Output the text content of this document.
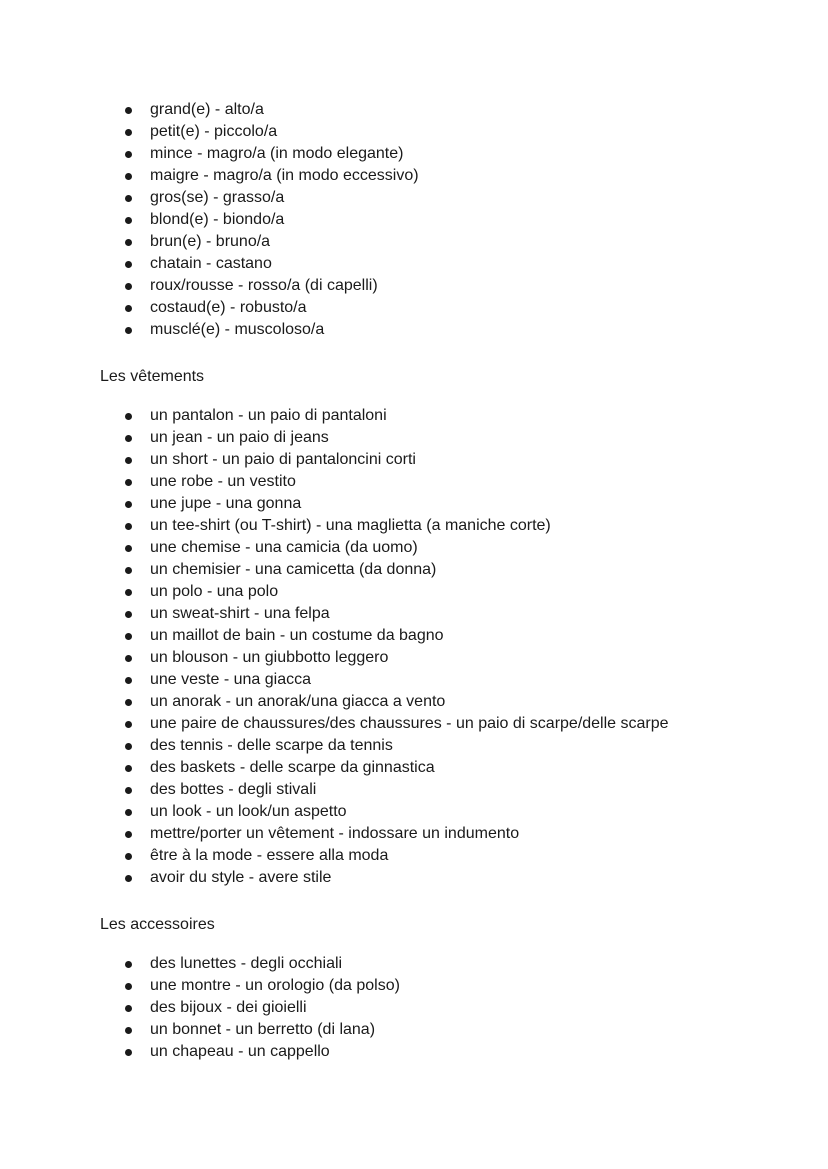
grand(e) - alto/a
petit(e) - piccolo/a
mince - magro/a (in modo elegante)
maigre - magro/a (in modo eccessivo)
gros(se) - grasso/a
blond(e) - biondo/a
brun(e) - bruno/a
chatain - castano
roux/rousse - rosso/a (di capelli)
costaud(e) - robusto/a
musclé(e) - muscoloso/a
Les vêtements
un pantalon - un paio di pantaloni
un jean - un paio di jeans
un short - un paio di pantaloncini corti
une robe - un vestito
une jupe - una gonna
un tee-shirt (ou T-shirt) - una maglietta (a maniche corte)
une chemise - una camicia (da uomo)
un chemisier - una camicetta (da donna)
un polo - una polo
un sweat-shirt - una felpa
un maillot de bain - un costume da bagno
un blouson - un giubbotto leggero
une veste - una giacca
un anorak - un anorak/una giacca a vento
une paire de chaussures/des chaussures - un paio di scarpe/delle scarpe
des tennis - delle scarpe da tennis
des baskets - delle scarpe da ginnastica
des bottes - degli stivali
un look - un look/un aspetto
mettre/porter un vêtement - indossare un indumento
être à la mode - essere alla moda
avoir du style - avere stile
Les accessoires
des lunettes - degli occhiali
une montre - un orologio (da polso)
des bijoux - dei gioielli
un bonnet - un berretto (di lana)
un chapeau - un cappello
